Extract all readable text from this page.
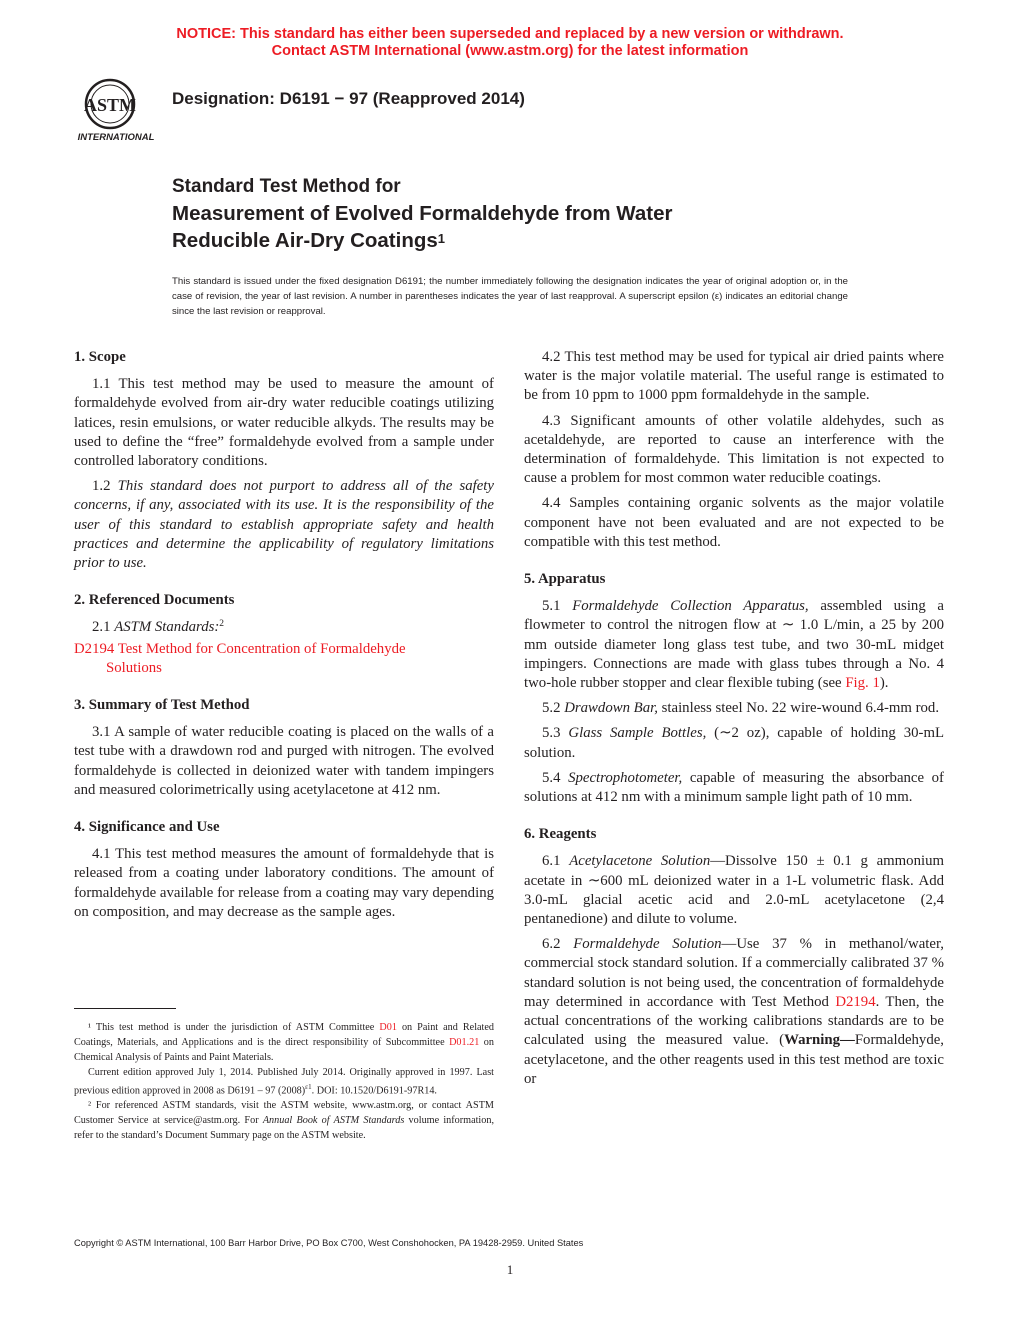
NOTICE: This standard has either been superseded and replaced by a new version or withdrawn.
Contact ASTM International (www.astm.org) for the latest information
ASTM
INTERNATIONAL
Designation: D6191 − 97 (Reapproved 2014)
Standard Test Method for
Measurement of Evolved Formaldehyde from Water
Reducible Air-Dry Coatings$^1$
This standard is issued under the fixed designation D6191; the number immediately following the designation indicates the year of original adoption or, in the case of revision, the year of last revision. A number in parentheses indicates the year of last reapproval. A superscript epsilon (ε) indicates an editorial change since the last revision or reapproval.
1. Scope

1.1 This test method may be used to measure the amount of formaldehyde evolved from air-dry water reducible coatings utilizing latices, resin emulsions, or water reducible alkyds. The results may be used to define the “free” formaldehyde evolved from a sample under controlled laboratory conditions.

1.2 This standard does not purport to address all of the safety concerns, if any, associated with its use. It is the responsibility of the user of this standard to establish appropriate safety and health practices and determine the applicability of regulatory limitations prior to use.

2. Referenced Documents

2.1 ASTM Standards:$^2$

D2194 Test Method for Concentration of Formaldehyde
Solutions
3. Summary of Test Method

3.1 A sample of water reducible coating is placed on the walls of a test tube with a drawdown rod and purged with nitrogen. The evolved formaldehyde is collected in deionized water with tandem impingers and measured colorimetrically using acetylacetone at 412 nm.

4. Significance and Use

4.1 This test method measures the amount of formaldehyde that is released from a coating under laboratory conditions. The amount of formaldehyde available for release from a coating may vary depending on composition, and may decrease as the sample ages.

4.2 This test method may be used for typical air dried paints where water is the major volatile material. The useful range is estimated to be from 10 ppm to 1000 ppm formaldehyde in the sample.

4.3 Significant amounts of other volatile aldehydes, such as acetaldehyde, are reported to cause an interference with the determination of formaldehyde. This limitation is not expected to cause a problem for most common water reducible coatings.

4.4 Samples containing organic solvents as the major volatile component have not been evaluated and are not expected to be compatible with this test method.

5. Apparatus

5.1 Formaldehyde Collection Apparatus, assembled using a flowmeter to control the nitrogen flow at ∼ 1.0 L/min, a 25 by 200 mm outside diameter long glass test tube, and two 30-mL midget impingers. Connections are made with glass tubes through a No. 4 two-hole rubber stopper and clear flexible tubing (see Fig. 1).

5.2 Drawdown Bar, stainless steel No. 22 wire-wound 6.4-mm rod.

5.3 Glass Sample Bottles, (∼2 oz), capable of holding 30-mL solution.

5.4 Spectrophotometer, capable of measuring the absorbance of solutions at 412 nm with a minimum sample light path of 10 mm.

6. Reagents

6.1 Acetylacetone Solution—Dissolve 150 ± 0.1 g ammonium acetate in ∼600 mL deionized water in a 1-L volumetric flask. Add 3.0-mL glacial acetic acid and 2.0-mL acetylacetone (2,4 pentanedione) and dilute to volume.

6.2 Formaldehyde Solution—Use 37 % in methanol/water, commercial stock standard solution. If a commercially calibrated 37 % standard solution is not being used, the concentration of formaldehyde may determined in accordance with Test Method D2194. Then, the actual concentrations of the working calibrations standards are to be calculated using the measured value. (Warning—Formaldehyde, acetylacetone, and the other reagents used in this test method are toxic or

¹ This test method is under the jurisdiction of ASTM Committee D01 on Paint and Related Coatings, Materials, and Applications and is the direct responsibility of Subcommittee D01.21 on Chemical Analysis of Paints and Paint Materials.

Current edition approved July 1, 2014. Published July 2014. Originally approved in 1997. Last previous edition approved in 2008 as D6191 – 97 $(2008)^{\varepsilon 1}$. DOI: 10.1520/D6191-97R14.

² For referenced ASTM standards, visit the ASTM website, www.astm.org, or contact ASTM Customer Service at service@astm.org. For Annual Book of ASTM Standards volume information, refer to the standard’s Document Summary page on the ASTM website.

Copyright © ASTM International, 100 Barr Harbor Drive, PO Box C700, West Conshohocken, PA 19428-2959. United States
1
